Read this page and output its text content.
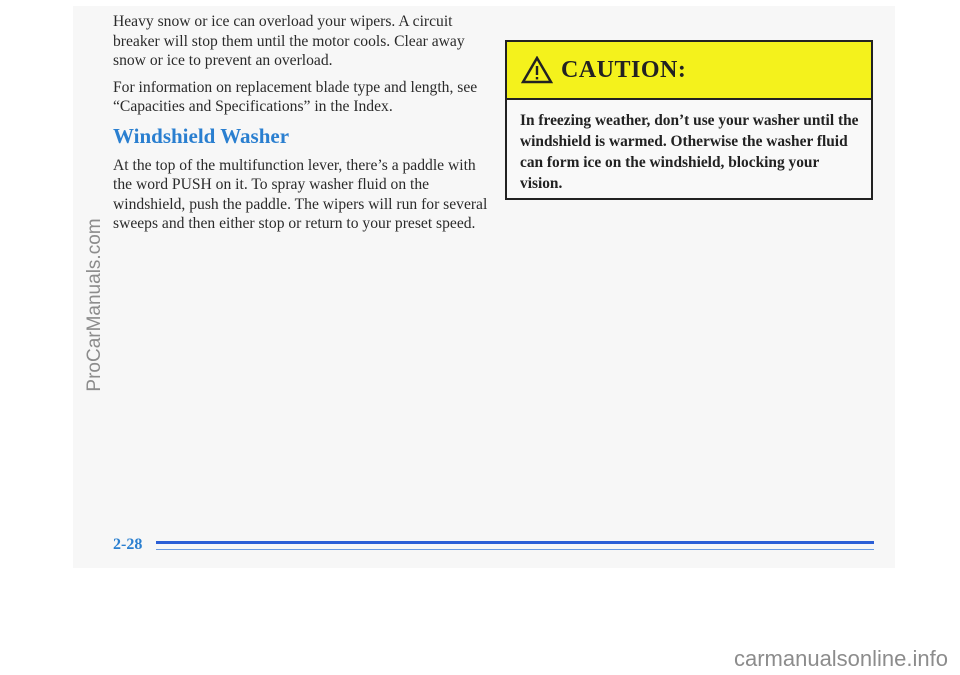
Heavy snow or ice can overload your wipers. A circuit breaker will stop them until the motor cools. Clear away snow or ice to prevent an overload.

For information on replacement blade type and length, see “Capacities and Specifications” in the Index.

Windshield Washer

At the top of the multifunction lever, there’s a paddle with the word PUSH on it. To spray washer fluid on the windshield, push the paddle. The wipers will run for several sweeps and then either stop or return to your preset speed.

CAUTION:
In freezing weather, don’t use your washer until the windshield is warmed. Otherwise the washer fluid can form ice on the windshield, blocking your vision.
2-28
ProCarManuals.com
carmanualsonline.info
